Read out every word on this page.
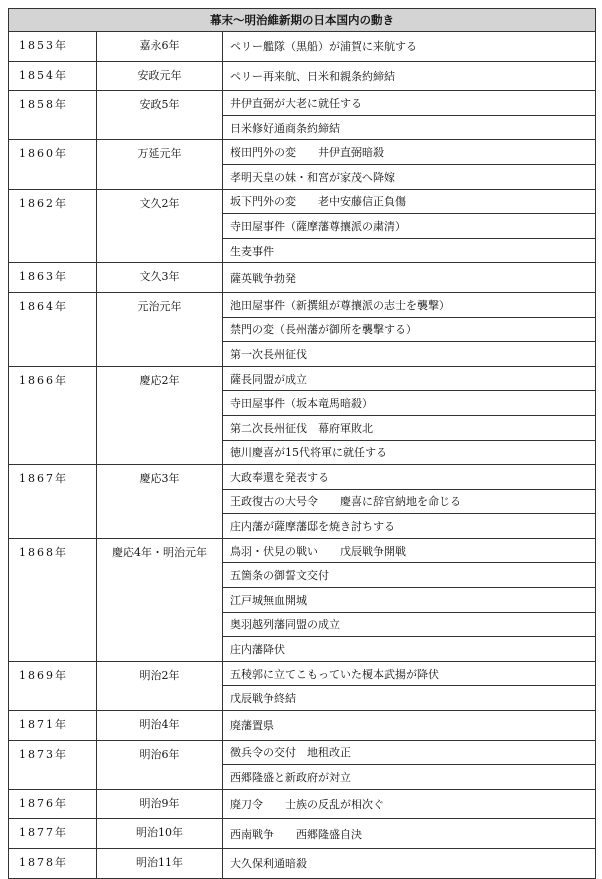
幕末〜明治維新期の日本国内の動き		
1853年	嘉永6年	ペリー艦隊（黒船）が浦賀に来航する
1854年	安政元年	ペリー再来航、日米和親条約締結
1858年	安政5年	井伊直弼が大老に就任する
		日米修好通商条約締結
1860年	万延元年	桜田門外の変　　井伊直弼暗殺
		孝明天皇の妹・和宮が家茂へ降嫁
1862年	文久2年	坂下門外の変　　老中安藤信正負傷
		寺田屋事件（薩摩藩尊攘派の粛清）
		生麦事件
1863年	文久3年	薩英戦争勃発
1864年	元治元年	池田屋事件（新撰組が尊攘派の志士を襲撃）
		禁門の変（長州藩が御所を襲撃する）
		第一次長州征伐
1866年	慶応2年	薩長同盟が成立
		寺田屋事件（坂本竜馬暗殺）
		第二次長州征伐　幕府軍敗北
		徳川慶喜が15代将軍に就任する
1867年	慶応3年	大政奉還を発表する
		王政復古の大号令　　慶喜に辞官納地を命じる
		庄内藩が薩摩藩邸を焼き討ちする
1868年	慶応4年・明治元年	鳥羽・伏見の戦い　　戊辰戦争開戦
		五箇条の御誓文交付
		江戸城無血開城
		奥羽越列藩同盟の成立
		庄内藩降伏
1869年	明治2年	五稜郭に立てこもっていた榎本武揚が降伏
		戊辰戦争終結
1871年	明治4年	廃藩置県
1873年	明治6年	徴兵令の交付　地租改正
		西郷隆盛と新政府が対立
1876年	明治9年	廃刀令　　士族の反乱が相次ぐ
1877年	明治10年	西南戦争　　西郷隆盛自決
1878年	明治11年	大久保利通暗殺
